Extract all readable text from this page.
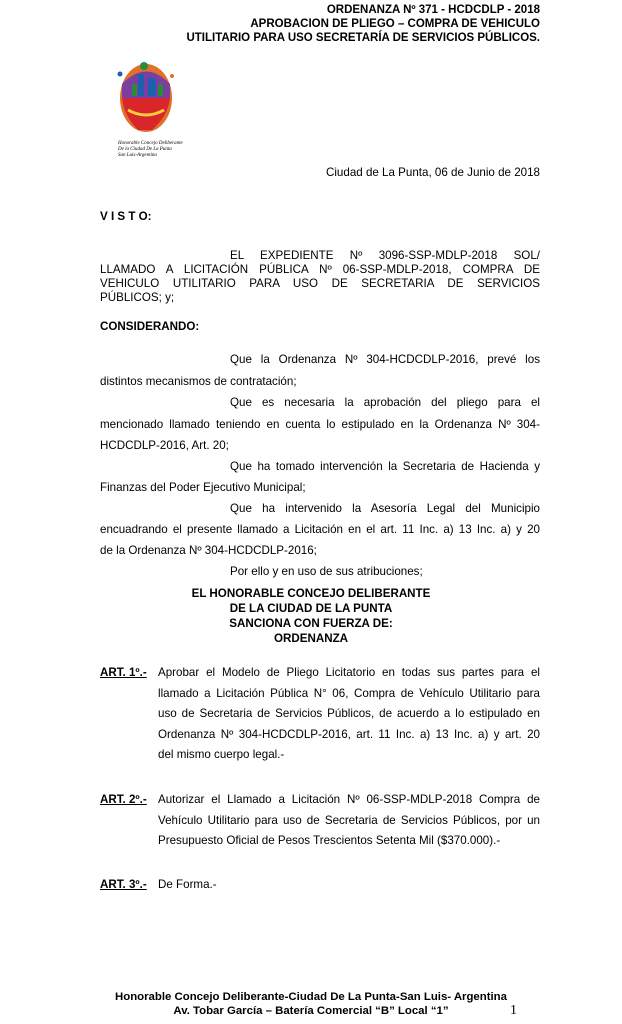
ORDENANZA Nº 371 - HCDCDLP - 2018
APROBACION DE PLIEGO – COMPRA DE VEHICULO
UTILITARIO PARA USO SECRETARÍA DE SERVICIOS PÚBLICOS.
Honorable Concejo Deliberante
De la Ciudad De La Punta
San Luis-Argentina
Ciudad de La Punta, 06 de Junio de 2018
V I S T O:
EL EXPEDIENTE Nº 3096-SSP-MDLP-2018 SOL/
LLAMADO A LICITACIÓN PÚBLICA Nº 06-SSP-MDLP-2018, COMPRA DE
VEHICULO UTILITARIO PARA USO DE SECRETARIA DE SERVICIOS
PÚBLICOS; y;
CONSIDERANDO:
Que la Ordenanza Nº 304-HCDCDLP-2016, prevé los
distintos mecanismos de contratación;
Que es necesaria la aprobación del pliego para el
mencionado llamado teniendo en cuenta lo estipulado en la Ordenanza Nº 304-
HCDCDLP-2016, Art. 20;
Que ha tomado intervención la Secretaria de Hacienda y
Finanzas del Poder Ejecutivo Municipal;
Que ha intervenido la Asesoría Legal del Municipio
encuadrando el presente llamado a Licitación en el art. 11 Inc. a) 13 Inc. a) y 20
de la Ordenanza Nº 304-HCDCDLP-2016;
Por ello y en uso de sus atribuciones;
EL HONORABLE CONCEJO DELIBERANTE
DE LA CIUDAD DE LA PUNTA
SANCIONA CON FUERZA DE:
ORDENANZA
ART. 1º.- Aprobar el Modelo de Pliego Licitatorio en todas sus partes para el
llamado a Licitación Pública N° 06, Compra de Vehículo Utilitario para
uso de Secretaria de Servicios Públicos, de acuerdo a lo estipulado en
Ordenanza Nº 304-HCDCDLP-2016, art. 11 Inc. a) 13 Inc. a) y art. 20
del mismo cuerpo legal.-
ART. 2º.- Autorizar el Llamado a Licitación Nº 06-SSP-MDLP-2018 Compra de
Vehículo Utilitario para uso de Secretaria de Servicios Públicos, por un
Presupuesto Oficial de Pesos Trescientos Setenta Mil ($370.000).-
ART. 3º.- De Forma.-
Honorable Concejo Deliberante-Ciudad De La Punta-San Luis- Argentina
Av. Tobar García – Batería Comercial “B” Local “1”	1
